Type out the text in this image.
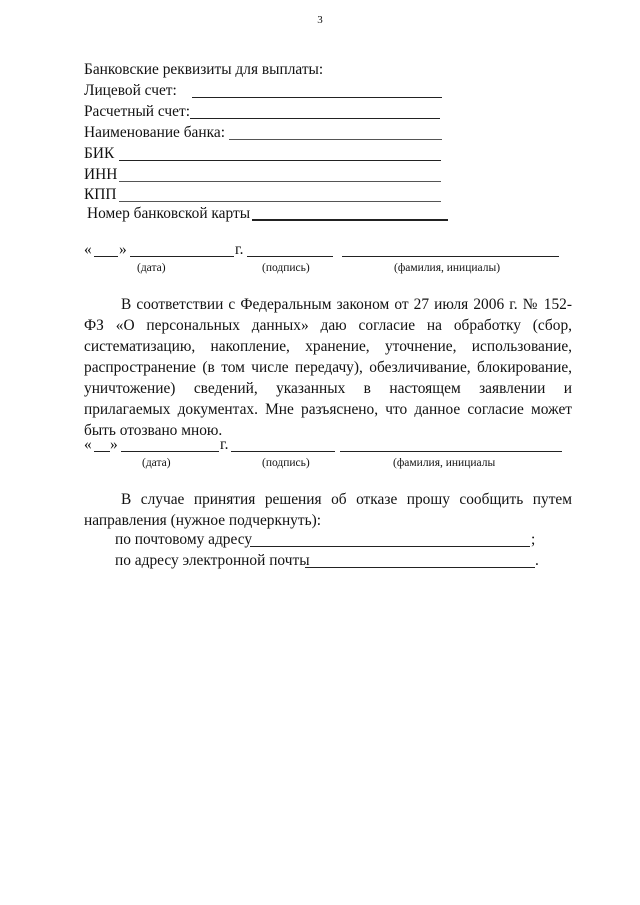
3
Банковские реквизиты для выплаты:
Лицевой счет:
Расчетный счет:
Наименование банка:
БИК
ИНН
КПП
Номер банковской карты
« »	г.
(дата)	(подпись)	(фамилия, инициалы)

В соответствии с Федеральным законом от 27 июля 2006 г. № 152-ФЗ «О персональных данных» даю согласие на обработку (сбор, систематизацию, накопление, хранение, уточнение, использование, распространение (в том числе передачу), обезличивание, блокирование, уничтожение) сведений, указанных в настоящем заявлении и прилагаемых документах. Мне разъяснено, что данное согласие может быть отозвано мною.

« »	г.
(дата)	(подпись)	(фамилия, инициалы

В случае принятия решения об отказе прошу сообщить путем направления (нужное подчеркнуть):

по почтовому адресу	;
по адресу электронной почты	.
